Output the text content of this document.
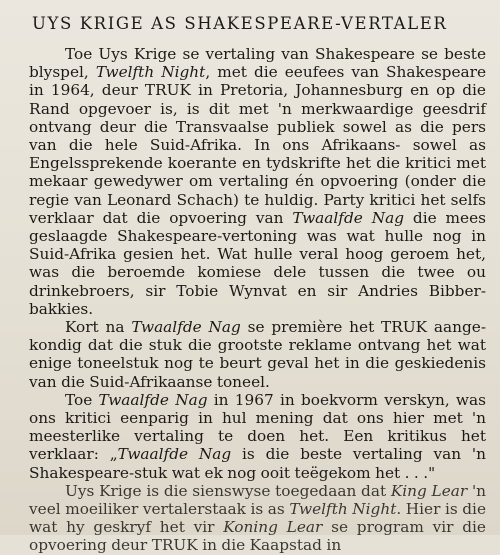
UYS KRIGE AS SHAKESPEARE-VERTALER

Toe Uys Krige se vertaling van Shakespeare se beste blyspel, Twelfth Night, met die eeufees van Shakespeare in 1964, deur TRUK in Pretoria, Johannesburg en op die Rand opgevoer is, is dit met 'n merkwaardige geesdrif ontvang deur die Transvaalse publiek sowel as die pers van die hele Suid-Afrika. In ons Afrikaans- sowel as Engelssprekende koerante en tydskrifte het die kritici met mekaar gewedywer om vertaling én opvoering (onder die regie van Leonard Schach) te huldig. Party kritici het selfs verklaar dat die opvoering van Twaalfde Nag die mees geslaagde Shakespeare-vertoning was wat hulle nog in Suid-Afrika gesien het. Wat hulle veral hoog geroem het, was die beroemde komiese dele tussen die twee ou drinkebroers, sir Tobie Wynvat en sir Andries Bibber-bakkies.

Kort na Twaalfde Nag se première het TRUK aange-kondig dat die stuk die grootste reklame ontvang het wat enige toneelstuk nog te beurt geval het in die geskiedenis van die Suid-Afrikaanse toneel.

Toe Twaalfde Nag in 1967 in boekvorm verskyn, was ons kritici eenparig in hul mening dat ons hier met 'n meesterlike vertaling te doen het. Een kritikus het verklaar: „Twaalfde Nag is die beste vertaling van 'n Shakespeare-stuk wat ek nog ooit teëgekom het . . ."

Uys Krige is die sienswyse toegedaan dat King Lear 'n veel moeiliker vertalerstaak is as Twelfth Night. Hier is die wat hy geskryf het vir Koning Lear se program vir die opvoering deur TRUK in die Kaapstad in
